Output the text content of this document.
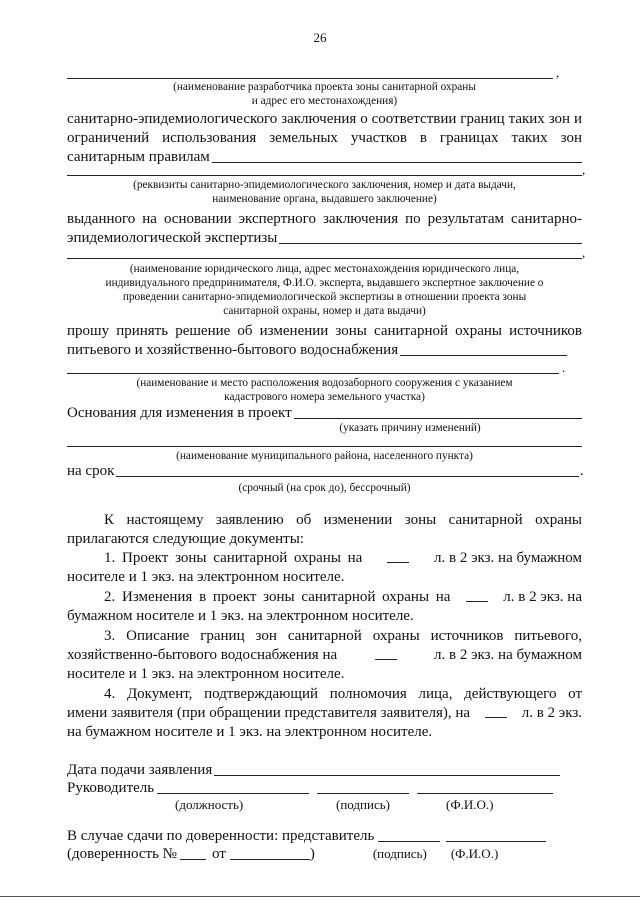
26
,
(наименование разработчика проекта зоны санитарной охраны
и адрес его местонахождения)
санитарно-эпидемиологического заключения о соответствии границ таких зон и
ограничений использования земельных участков в границах таких зон
санитарным правилам
,
(реквизиты санитарно-эпидемиологического заключения, номер и дата выдачи,
наименование органа, выдавшего заключение)
выданного на основании экспертного заключения по результатам санитарно-
эпидемиологической экспертизы
,
(наименование юридического лица, адрес местонахождения юридического лица,
индивидуального предпринимателя, Ф.И.О. эксперта, выдавшего экспертное заключение о
проведении санитарно-эпидемиологической экспертизы в отношении проекта зоны
санитарной охраны, номер и дата выдачи)
прошу принять решение об изменении зоны санитарной охраны источников
питьевого и хозяйственно-бытового водоснабжения
.
(наименование и место расположения водозаборного сооружения с указанием
кадастрового номера земельного участка)
Основания для изменения в проект
(указать причину изменений)
(наименование муниципального района, населенного пункта)
на срок	.
(срочный (на срок до), бессрочный)
К настоящему заявлению об изменении зоны санитарной охраны
прилагаются следующие документы:
1. Проект зоны санитарной охраны на	л. в 2 экз. на бумажном
носителе и 1 экз. на электронном носителе.
2. Изменения в проект зоны санитарной охраны на	л. в 2 экз. на
бумажном носителе и 1 экз. на электронном носителе.
3. Описание границ зон санитарной охраны источников питьевого,
хозяйственно-бытового водоснабжения на	л. в 2 экз. на бумажном
носителе и 1 экз. на электронном носителе.
4. Документ, подтверждающий полномочия лица, действующего от
имени заявителя (при обращении представителя заявителя), на	л. в 2 экз.
на бумажном носителе и 1 экз. на электронном носителе.
Дата подачи заявления
Руководитель
(должность)	(подпись)	(Ф.И.О.)
В случае сдачи по доверенности: представитель
(доверенность № от	)	(подпись) (Ф.И.О.)
